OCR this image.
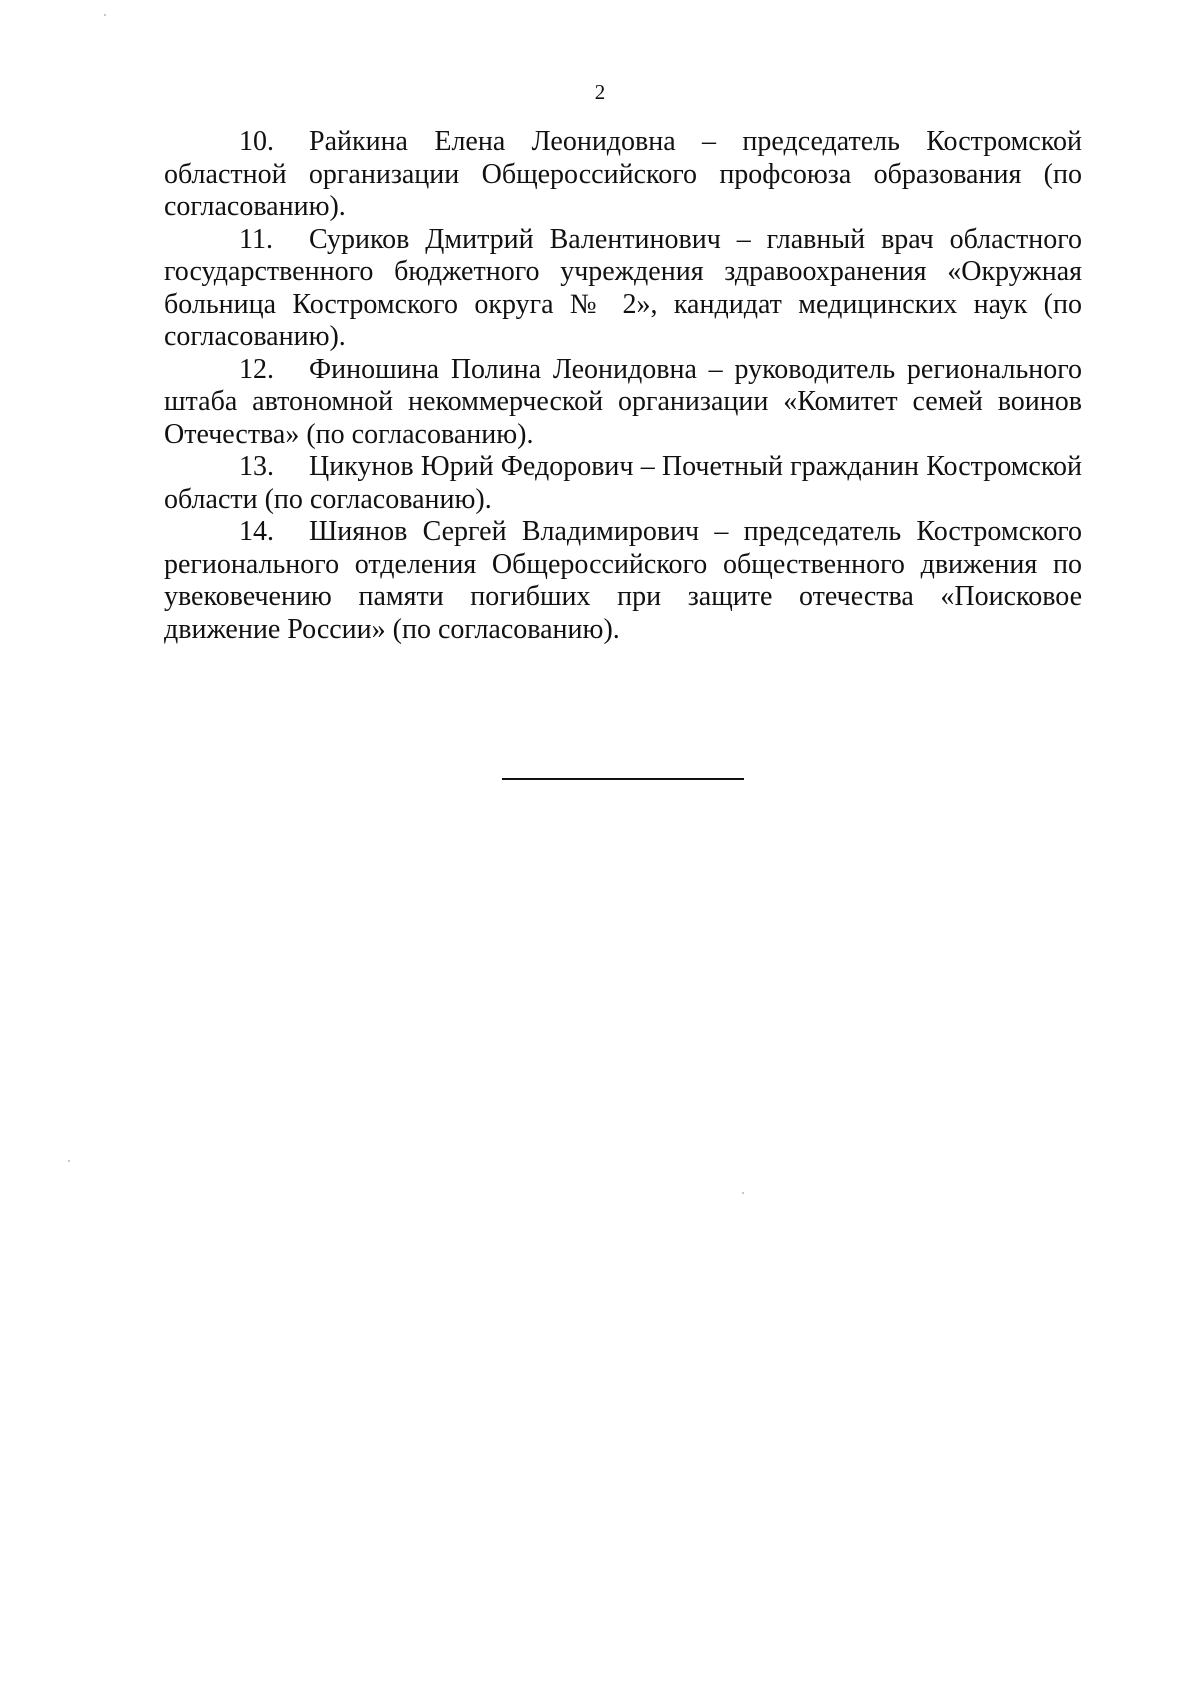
2

10. Райкина Елена Леонидовна – председатель Костромской областной организации Общероссийского профсоюза образования (по согласованию).

11. Суриков Дмитрий Валентинович – главный врач областного государственного бюджетного учреждения здравоохранения «Окружная больница Костромского округа № 2», кандидат медицинских наук (по согласованию).

12. Финошина Полина Леонидовна – руководитель регионального штаба автономной некоммерческой организации «Комитет семей воинов Отечества» (по согласованию).

13. Цикунов Юрий Федорович – Почетный гражданин Костромской области (по согласованию).

14. Шиянов Сергей Владимирович – председатель Костромского регионального отделения Общероссийского общественного движения по увековечению памяти погибших при защите отечества «Поисковое движение России» (по согласованию).
